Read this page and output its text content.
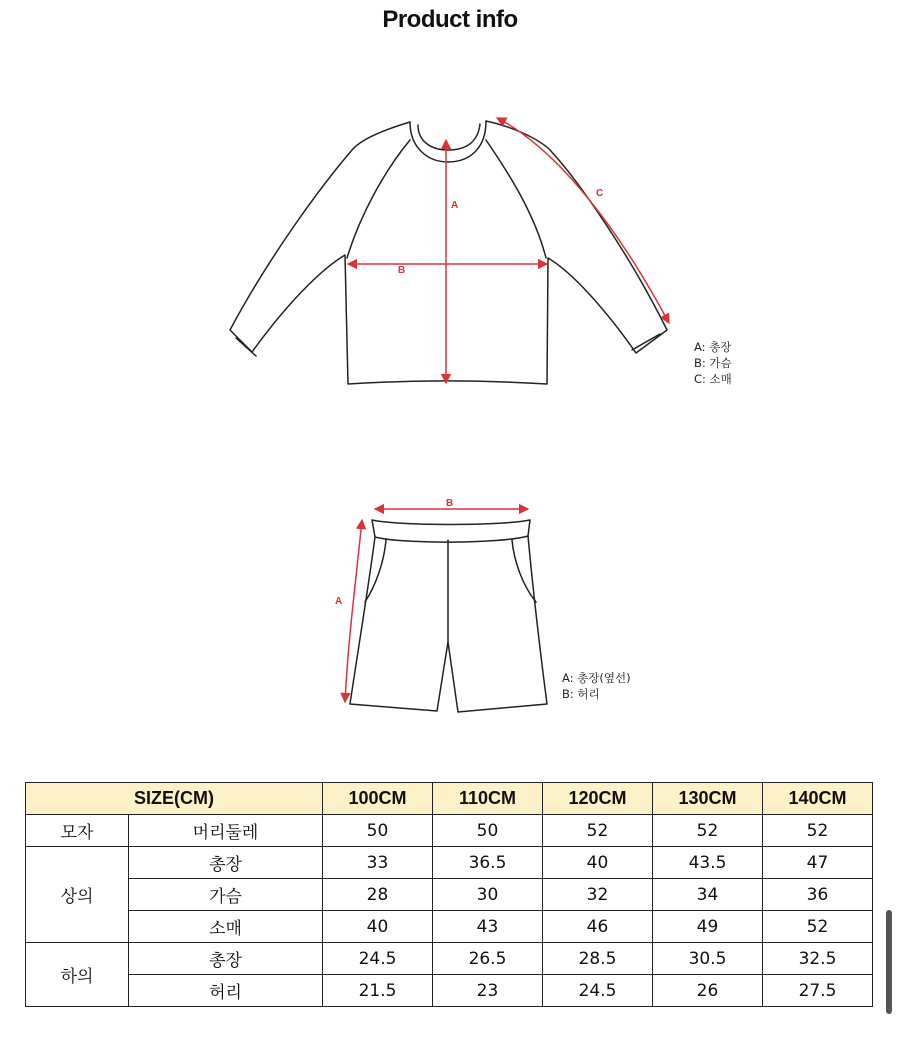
Product info
A
B
C
A: 총장
B: 가슴
C: 소매
B
A
A: 총장(옆선)
B: 허리
SIZE(CM)		100CM	110CM	120CM	130CM	140CM
모자	머리둘레	50	50	52	52	52
상의	총장	33	36.5	40	43.5	47
	가슴	28	30	32	34	36
	소매	40	43	46	49	52
하의	총장	24.5	26.5	28.5	30.5	32.5
	허리	21.5	23	24.5	26	27.5
